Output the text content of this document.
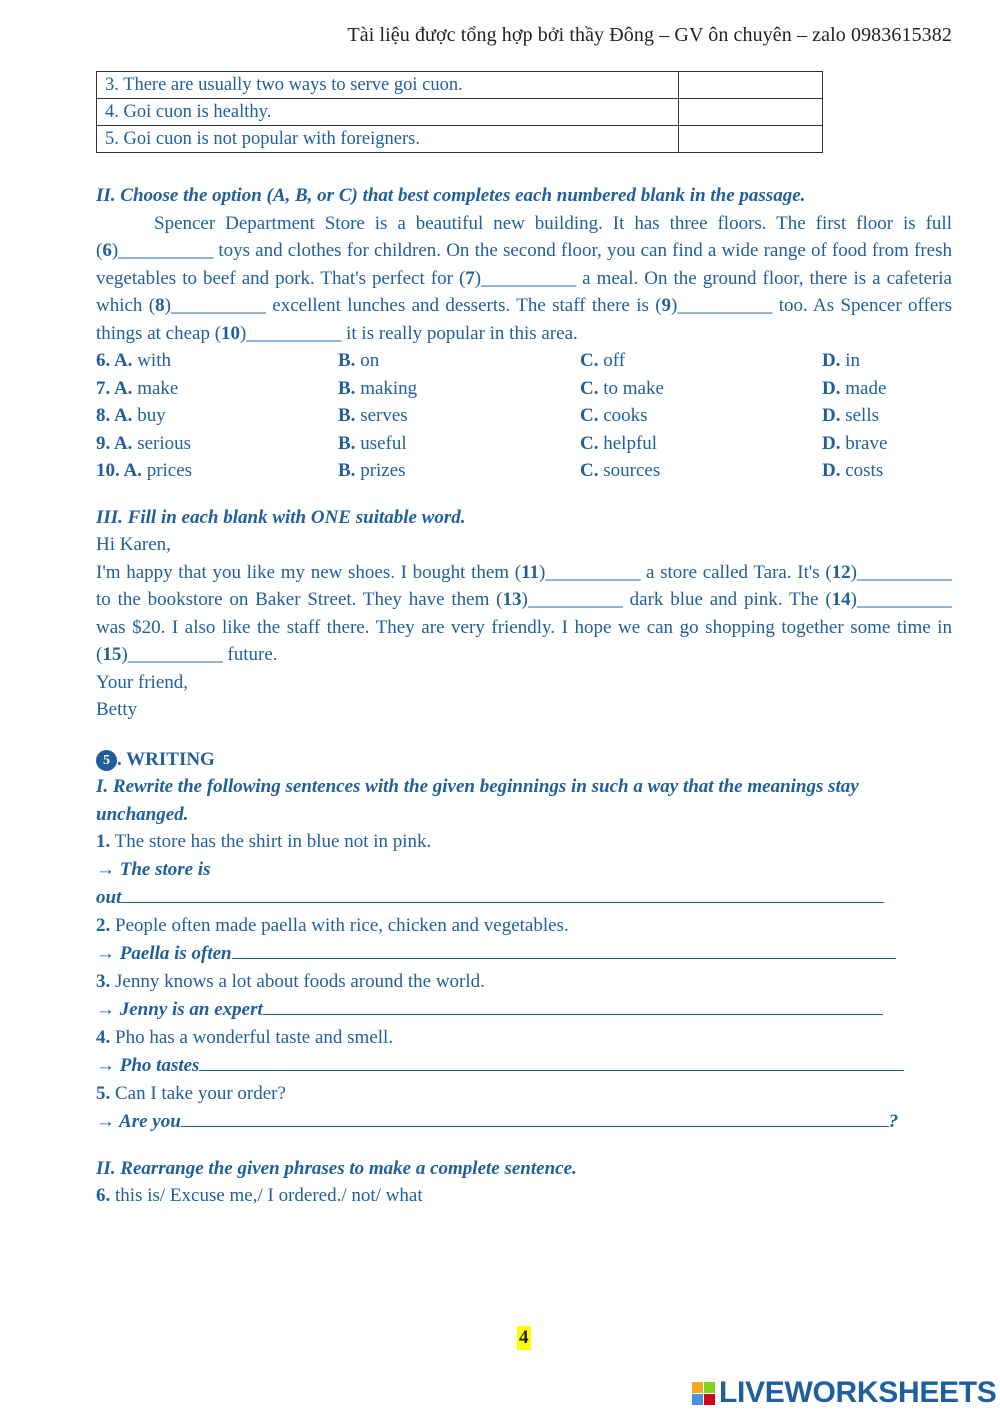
Tài liệu được tổng hợp bởi thầy Đông – GV ôn chuyên – zalo 0983615382
3. There are usually two ways to serve goi cuon.	
4. Goi cuon is healthy.	
5. Goi cuon is not popular with foreigners.	

II. Choose the option (A, B, or C) that best completes each numbered blank in the passage.

Spencer Department Store is a beautiful new building. It has three floors. The first floor is full (6)__________ toys and clothes for children. On the second floor, you can find a wide range of food from fresh vegetables to beef and pork. That's perfect for (7)__________ a meal. On the ground floor, there is a cafeteria which (8)__________ excellent lunches and desserts. The staff there is (9)__________ too. As Spencer offers things at cheap (10)__________ it is really popular in this area.

6. A. with	B. on	C. off	D. in
7. A. make	B. making	C. to make	D. made
8. A. buy	B. serves	C. cooks	D. sells
9. A. serious	B. useful	C. helpful	D. brave
10. A. prices	B. prizes	C. sources	D. costs

III. Fill in each blank with ONE suitable word.

Hi Karen,

I'm happy that you like my new shoes. I bought them (11)__________ a store called Tara. It's (12)__________ to the bookstore on Baker Street. They have them (13)__________ dark blue and pink. The (14)__________ was $20. I also like the staff there. They are very friendly. I hope we can go shopping together some time in (15)__________ future.

Your friend,

Betty

5 . WRITING

I. Rewrite the following sentences with the given beginnings in such a way that the meanings stay

unchanged.

1. The store has the shirt in blue not in pink.

→ The store is

out

2. People often made paella with rice, chicken and vegetables.

→ Paella is often

3. Jenny knows a lot about foods around the world.

→ Jenny is an expert

4. Pho has a wonderful taste and smell.

→ Pho tastes

5. Can I take your order?

→ Are you	?

II. Rearrange the given phrases to make a complete sentence.

6. this is/ Excuse me,/ I ordered./ not/ what

4
LIVEWORKSHEETS
